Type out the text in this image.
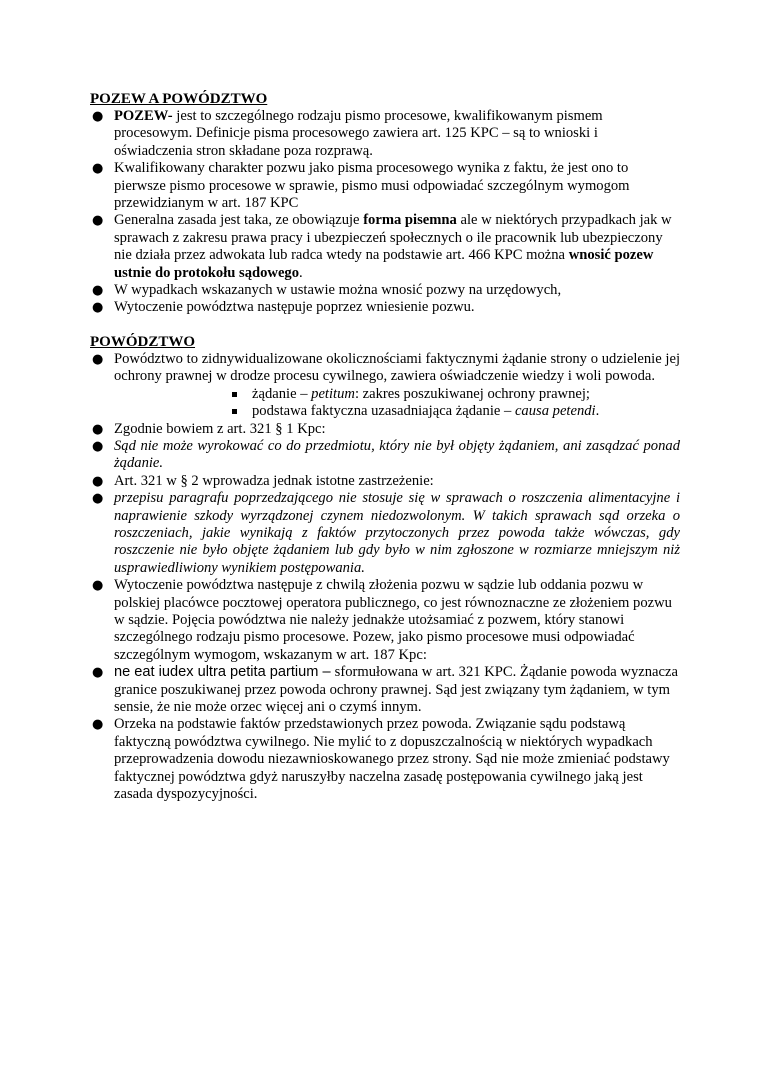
POZEW A POWÓDZTWO
● POZEW- jest to szczególnego rodzaju pismo procesowe, kwalifikowanym pismem procesowym. Definicje pisma procesowego zawiera art. 125 KPC – są to wnioski i oświadczenia stron składane poza rozprawą.
● Kwalifikowany charakter pozwu jako pisma procesowego wynika z faktu, że jest ono to pierwsze pismo procesowe w sprawie, pismo musi odpowiadać szczególnym wymogom przewidzianym w art. 187 KPC
● Generalna zasada jest taka, ze obowiązuje forma pisemna ale w niektórych przypadkach jak w sprawach z zakresu prawa pracy i ubezpieczeń społecznych o ile pracownik lub ubezpieczony nie działa przez adwokata lub radca wtedy na podstawie art. 466 KPC można wnosić pozew ustnie do protokołu sądowego.
● W wypadkach wskazanych w ustawie można wnosić pozwy na urzędowych,
● Wytoczenie powództwa następuje poprzez wniesienie pozwu.
POWÓDZTWO
● Powództwo to zidnywidualizowane okolicznościami faktycznymi żądanie strony o udzielenie jej ochrony prawnej w drodze procesu cywilnego, zawiera oświadczenie wiedzy i woli powoda.
żądanie – petitum: zakres poszukiwanej ochrony prawnej;
podstawa faktyczna uzasadniająca żądanie – causa petendi.
● Zgodnie bowiem z art. 321 § 1 Kpc:
● Sąd nie może wyrokować co do przedmiotu, który nie był objęty żądaniem, ani zasądzać ponad żądanie.
● Art. 321 w § 2 wprowadza jednak istotne zastrzeżenie:
● przepisu paragrafu poprzedzającego nie stosuje się w sprawach o roszczenia alimentacyjne i naprawienie szkody wyrządzonej czynem niedozwolonym. W takich sprawach sąd orzeka o roszczeniach, jakie wynikają z faktów przytoczonych przez powoda także wówczas, gdy roszczenie nie było objęte żądaniem lub gdy było w nim zgłoszone w rozmiarze mniejszym niż usprawiedliwiony wynikiem postępowania.
● Wytoczenie powództwa następuje z chwilą złożenia pozwu w sądzie lub oddania pozwu w polskiej placówce pocztowej operatora publicznego, co jest równoznaczne ze złożeniem pozwu w sądzie. Pojęcia powództwa nie należy jednakże utożsamiać z pozwem, który stanowi szczególnego rodzaju pismo procesowe. Pozew, jako pismo procesowe musi odpowiadać szczególnym wymogom, wskazanym w art. 187 Kpc:
● ne eat iudex ultra petita partium – sformułowana w art. 321 KPC. Żądanie powoda wyznacza granice poszukiwanej przez powoda ochrony prawnej. Sąd jest związany tym żądaniem, w tym sensie, że nie może orzec więcej ani o czymś innym.
● Orzeka na podstawie faktów przedstawionych przez powoda. Związanie sądu podstawą faktyczną powództwa cywilnego. Nie mylić to z dopuszczalnością w niektórych wypadkach przeprowadzenia dowodu niezawnioskowanego przez strony. Sąd nie może zmieniać podstawy faktycznej powództwa gdyż naruszyłby naczelna zasadę postępowania cywilnego jaką jest zasada dyspozycyjności.
